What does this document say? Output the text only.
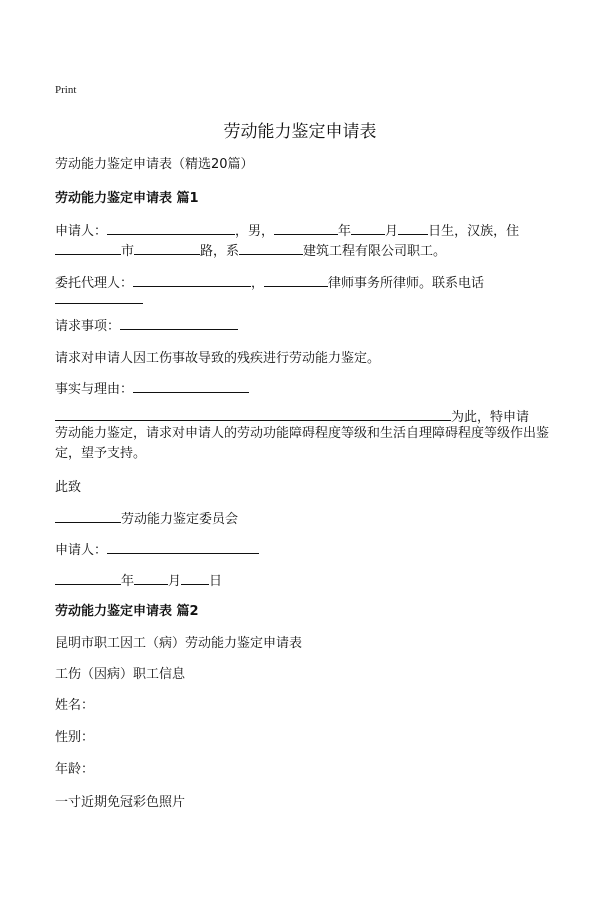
Print
劳动能力鉴定申请表
劳动能力鉴定申请表（精选20篇）
劳动能力鉴定申请表 篇1
申请人：	，男，	年	月 日生，汉族，住
市	路，系	建筑工程有限公司职工。
委托代理人：	，	律师事务所律师。联系电话
请求事项：
请求对申请人因工伤事故导致的残疾进行劳动能力鉴定。
事实与理由：
为此，特申请

劳动能力鉴定，请求对申请人的劳动功能障碍程度等级和生活自理障碍程度等级作出鉴定，望予支持。

此致
劳动能力鉴定委员会
申请人：
年	月 日
劳动能力鉴定申请表 篇2
昆明市职工因工（病）劳动能力鉴定申请表
工伤（因病）职工信息
姓名：
性别：
年龄：
一寸近期免冠彩色照片
